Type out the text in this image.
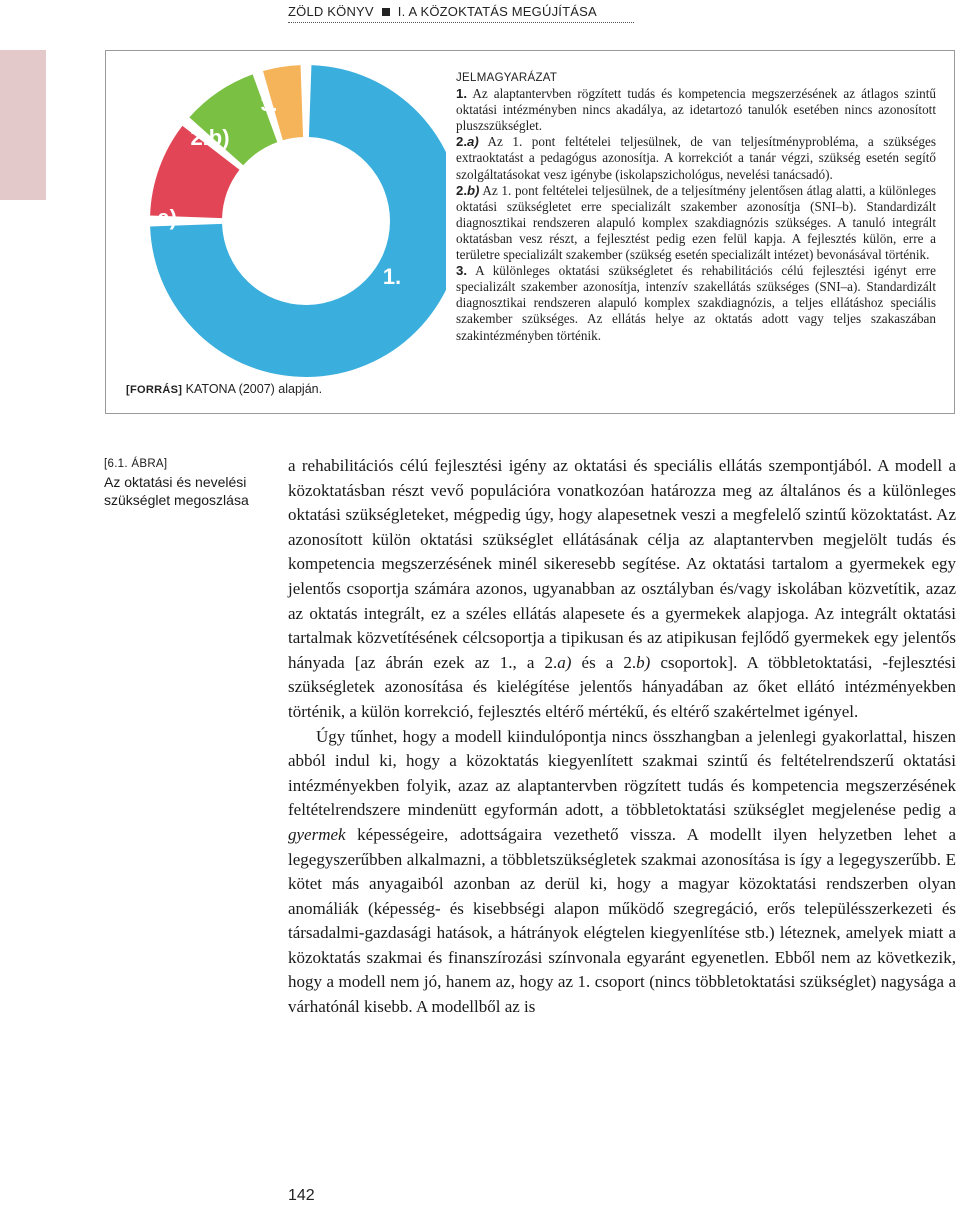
ZÖLD KÖNYV I. A KÖZOKTATÁS MEGÚJÍTÁSA
1.
2.a)
2.b)
3.
[FORRÁS] KATONA (2007) alapján.
JELMAGYARÁZAT

1. Az alaptantervben rögzített tudás és kompetencia megszerzésének az átlagos szintű oktatási intézményben nincs akadálya, az idetartozó tanulók esetében nincs azonosított pluszszükséglet.

2.a) Az 1. pont feltételei teljesülnek, de van teljesítményprobléma, a szükséges extraoktatást a pedagógus azonosítja. A korrekciót a tanár végzi, szükség esetén segítő szolgáltatásokat vesz igénybe (iskolapszichológus, nevelési tanácsadó).

2.b) Az 1. pont feltételei teljesülnek, de a teljesítmény jelentősen átlag alatti, a különleges oktatási szükségletet erre specializált szakember azonosítja (SNI–b). Standardizált diagnosztikai rendszeren alapuló komplex szakdiagnózis szükséges. A tanuló integrált oktatásban vesz részt, a fejlesztést pedig ezen felül kapja. A fejlesztés külön, erre a területre specializált szakember (szükség esetén specializált intézet) bevonásával történik.

3. A különleges oktatási szükségletet és rehabilitációs célú fejlesztési igényt erre specializált szakember azonosítja, intenzív szakellátás szükséges (SNI–a). Standardizált diagnosztikai rendszeren alapuló komplex szakdiagnózis, a teljes ellátáshoz speciális szakember szükséges. Az ellátás helye az oktatás adott vagy teljes szakaszában szakintézményben történik.

[6.1. ÁBRA]
Az oktatási és nevelési szükséglet megoszlása

a rehabilitációs célú fejlesztési igény az oktatási és speciális ellátás szempontjából. A modell a közoktatásban részt vevő populációra vonatkozóan határozza meg az általános és a különleges oktatási szükségleteket, mégpedig úgy, hogy alapesetnek veszi a megfelelő szintű közoktatást. Az azonosított külön oktatási szükséglet ellátásának célja az alaptantervben megjelölt tudás és kompetencia megszerzésének minél sikeresebb segítése. Az oktatási tartalom a gyermekek egy jelentős csoportja számára azonos, ugyanabban az osztályban és/vagy iskolában közvetítik, azaz az oktatás integrált, ez a széles ellátás alapesete és a gyermekek alapjoga. Az integrált oktatási tartalmak közvetítésének célcsoportja a tipikusan és az atipikusan fejlődő gyermekek egy jelentős hányada [az ábrán ezek az 1., a 2.a) és a 2.b) csoportok]. A többletoktatási, -fejlesztési szükségletek azonosítása és kielégítése jelentős hányadában az őket ellátó intézményekben történik, a külön korrekció, fejlesztés eltérő mértékű, és eltérő szakértelmet igényel.

Úgy tűnhet, hogy a modell kiindulópontja nincs összhangban a jelenlegi gyakorlattal, hiszen abból indul ki, hogy a közoktatás kiegyenlített szakmai szintű és feltételrendszerű oktatási intézményekben folyik, azaz az alaptantervben rögzített tudás és kompetencia megszerzésének feltételrendszere mindenütt egyformán adott, a többletoktatási szükséglet megjelenése pedig a gyermek képességeire, adottságaira vezethető vissza. A modellt ilyen helyzetben lehet a legegyszerűbben alkalmazni, a többletszükségletek szakmai azonosítása is így a legegyszerűbb. E kötet más anyagaiból azonban az derül ki, hogy a magyar közoktatási rendszerben olyan anomáliák (képesség- és kisebbségi alapon működő szegregáció, erős településszerkezeti és társadalmi-gazdasági hatások, a hátrányok elégtelen kiegyenlítése stb.) léteznek, amelyek miatt a közoktatás szakmai és finanszírozási színvonala egyaránt egyenetlen. Ebből nem az következik, hogy a modell nem jó, hanem az, hogy az 1. csoport (nincs többletoktatási szükséglet) nagysága a várhatónál kisebb. A modellből az is

142
